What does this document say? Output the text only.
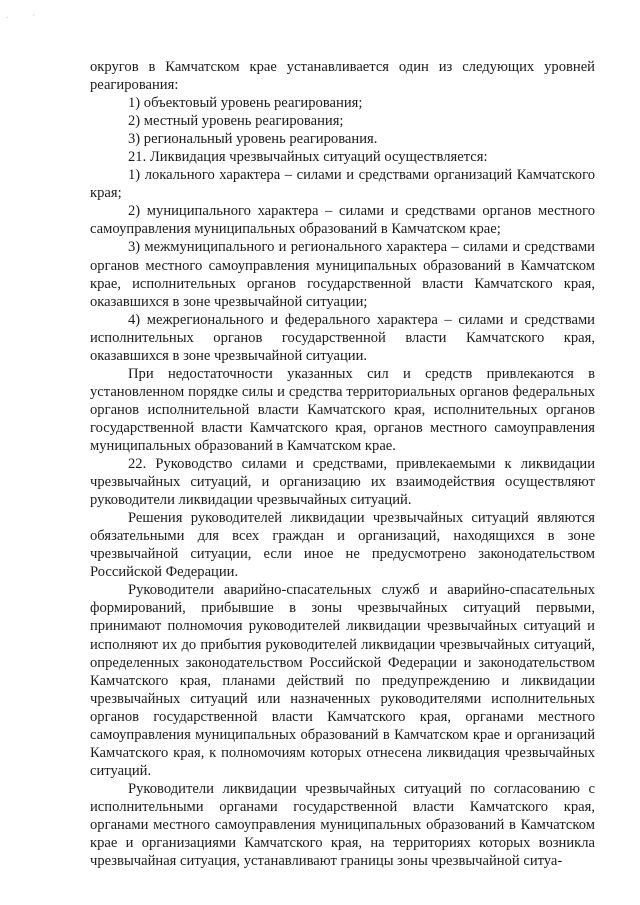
-	'

округов в Камчатском крае устанавливается один из следующих уровней реагирования:

1) объектовый уровень реагирования;

2) местный уровень реагирования;

3) региональный уровень реагирования.

21. Ликвидация чрезвычайных ситуаций осуществляется:

1) локального характера – силами и средствами организаций Камчатского края;

2) муниципального характера – силами и средствами органов местного самоуправления муниципальных образований в Камчатском крае;

3) межмуниципального и регионального характера – силами и средствами органов местного самоуправления муниципальных образований в Камчатском крае, исполнительных органов государственной власти Камчатского края, оказавшихся в зоне чрезвычайной ситуации;

4) межрегионального и федерального характера – силами и средствами исполнительных органов государственной власти Камчатского края, оказавшихся в зоне чрезвычайной ситуации.

При недостаточности указанных сил и средств привлекаются в установленном порядке силы и средства территориальных органов федеральных органов исполнительной власти Камчатского края, исполнительных органов государственной власти Камчатского края, органов местного самоуправления муниципальных образований в Камчатском крае.

22. Руководство силами и средствами, привлекаемыми к ликвидации чрезвычайных ситуаций, и организацию их взаимодействия осуществляют руководители ликвидации чрезвычайных ситуаций.

Решения руководителей ликвидации чрезвычайных ситуаций являются обязательными для всех граждан и организаций, находящихся в зоне чрезвычайной ситуации, если иное не предусмотрено законодательством Российской Федерации.

Руководители аварийно-спасательных служб и аварийно-спасательных формирований, прибывшие в зоны чрезвычайных ситуаций первыми, принимают полномочия руководителей ликвидации чрезвычайных ситуаций и исполняют их до прибытия руководителей ликвидации чрезвычайных ситуаций, определенных законодательством Российской Федерации и законодательством Камчатского края, планами действий по предупреждению и ликвидации чрезвычайных ситуаций или назначенных руководителями исполнительных органов государственной власти Камчатского края, органами местного самоуправления муниципальных образований в Камчатском крае и организаций Камчатского края, к полномочиям которых отнесена ликвидация чрезвычайных ситуаций.

Руководители ликвидации чрезвычайных ситуаций по согласованию с исполнительными органами государственной власти Камчатского края, органами местного самоуправления муниципальных образований в Камчатском крае и организациями Камчатского края, на территориях которых возникла чрезвычайная ситуация, устанавливают границы зоны чрезвычайной ситуа-
